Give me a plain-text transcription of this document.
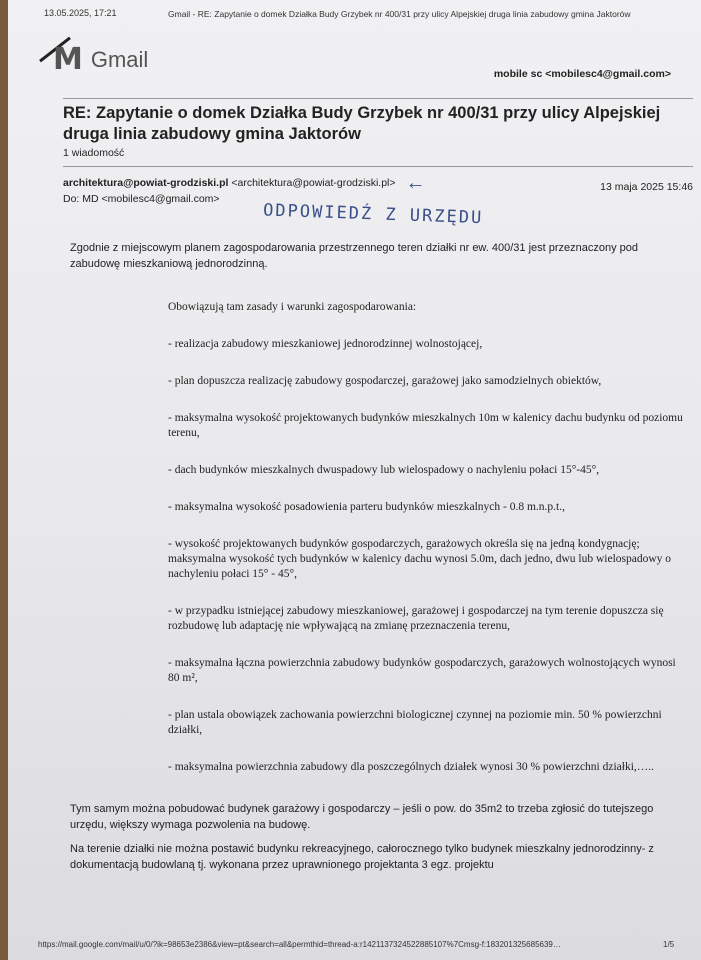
13.05.2025, 17:21	Gmail - RE: Zapytanie o domek Działka Budy Grzybek nr 400/31 przy ulicy Alpejskiej druga linia zabudowy gmina Jaktorów
M Gmail
mobile sc <mobilesc4@gmail.com>
RE: Zapytanie o domek Działka Budy Grzybek nr 400/31 przy ulicy Alpejskiej druga linia zabudowy gmina Jaktorów
1 wiadomość
architektura@powiat-grodziski.pl <architektura@powiat-grodziski.pl> ←
Do: MD <mobilesc4@gmail.com>
13 maja 2025 15:46
ODPOWIEDŹ Z URZĘDU
Zgodnie z miejscowym planem zagospodarowania przestrzennego teren działki nr ew. 400/31 jest przeznaczony pod zabudowę mieszkaniową jednorodzinną.
Obowiązują tam zasady i warunki zagospodarowania:
- realizacja zabudowy mieszkaniowej jednorodzinnej wolnostojącej,
- plan dopuszcza realizację zabudowy gospodarczej, garażowej jako samodzielnych obiektów,
- maksymalna wysokość projektowanych budynków mieszkalnych 10m w kalenicy dachu budynku od poziomu terenu,
- dach budynków mieszkalnych dwuspadowy lub wielospadowy o nachyleniu połaci 15°-45°,
- maksymalna wysokość posadowienia parteru budynków mieszkalnych - 0.8 m.n.p.t.,
- wysokość projektowanych budynków gospodarczych, garażowych określa się na jedną kondygnację; maksymalna wysokość tych budynków w kalenicy dachu wynosi 5.0m, dach jedno, dwu lub wielospadowy o nachyleniu połaci 15° - 45°,
- w przypadku istniejącej zabudowy mieszkaniowej, garażowej i gospodarczej na tym terenie dopuszcza się rozbudowę lub adaptację nie wpływającą na zmianę przeznaczenia terenu,
- maksymalna łączna powierzchnia zabudowy budynków gospodarczych, garażowych wolnostojących wynosi 80 m²,
- plan ustala obowiązek zachowania powierzchni biologicznej czynnej na poziomie min. 50 % powierzchni działki,
- maksymalna powierzchnia zabudowy dla poszczególnych działek wynosi 30 % powierzchni działki,…..
Tym samym można pobudować budynek garażowy i gospodarczy – jeśli o pow. do 35m2 to trzeba zgłosić do tutejszego urzędu, większy wymaga pozwolenia na budowę.
Na terenie działki nie można postawić budynku rekreacyjnego, całorocznego tylko budynek mieszkalny jednorodzinny- z dokumentacją budowlaną tj. wykonana przez uprawnionego projektanta 3 egz. projektu
https://mail.google.com/mail/u/0/?ik=98653e2386&view=pt&search=all&permthid=thread-a:r1421137324522885107%7Cmsg-f:183201325685639…	1/5
